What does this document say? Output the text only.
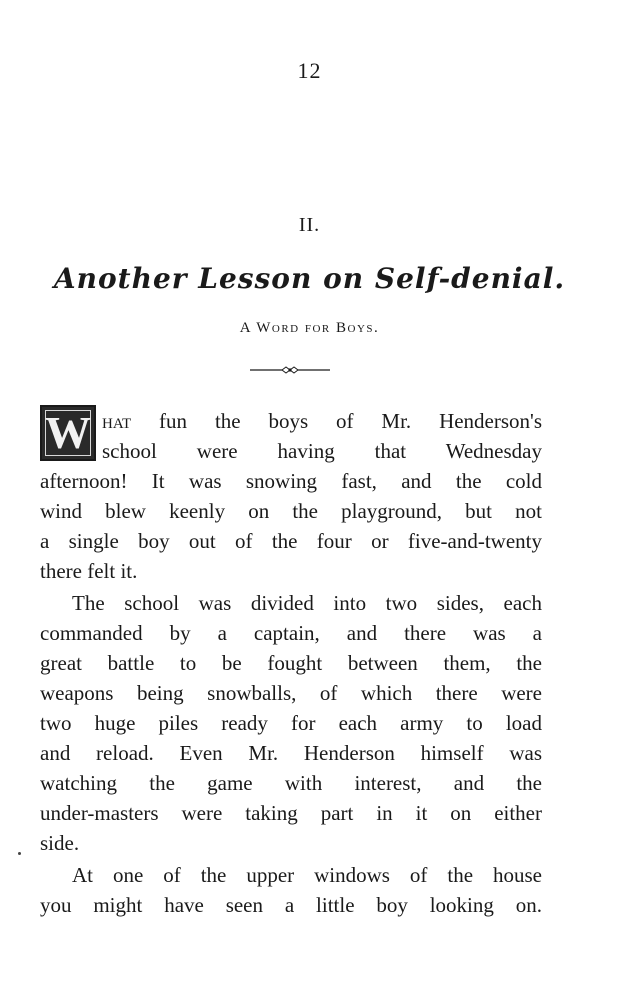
12
II.
Another Lesson on Self-denial.
A Word for Boys.
W hat fun the boys of Mr. Henderson's
school were having that Wednesday
afternoon! It was snowing fast, and the cold
wind blew keenly on the playground, but not
a single boy out of the four or five-and-twenty
there felt it.
The school was divided into two sides, each
commanded by a captain, and there was a
great battle to be fought between them, the
weapons being snowballs, of which there were
two huge piles ready for each army to load
and reload. Even Mr. Henderson himself was
watching the game with interest, and the
under-masters were taking part in it on either
side.
At one of the upper windows of the house
you might have seen a little boy looking on.
